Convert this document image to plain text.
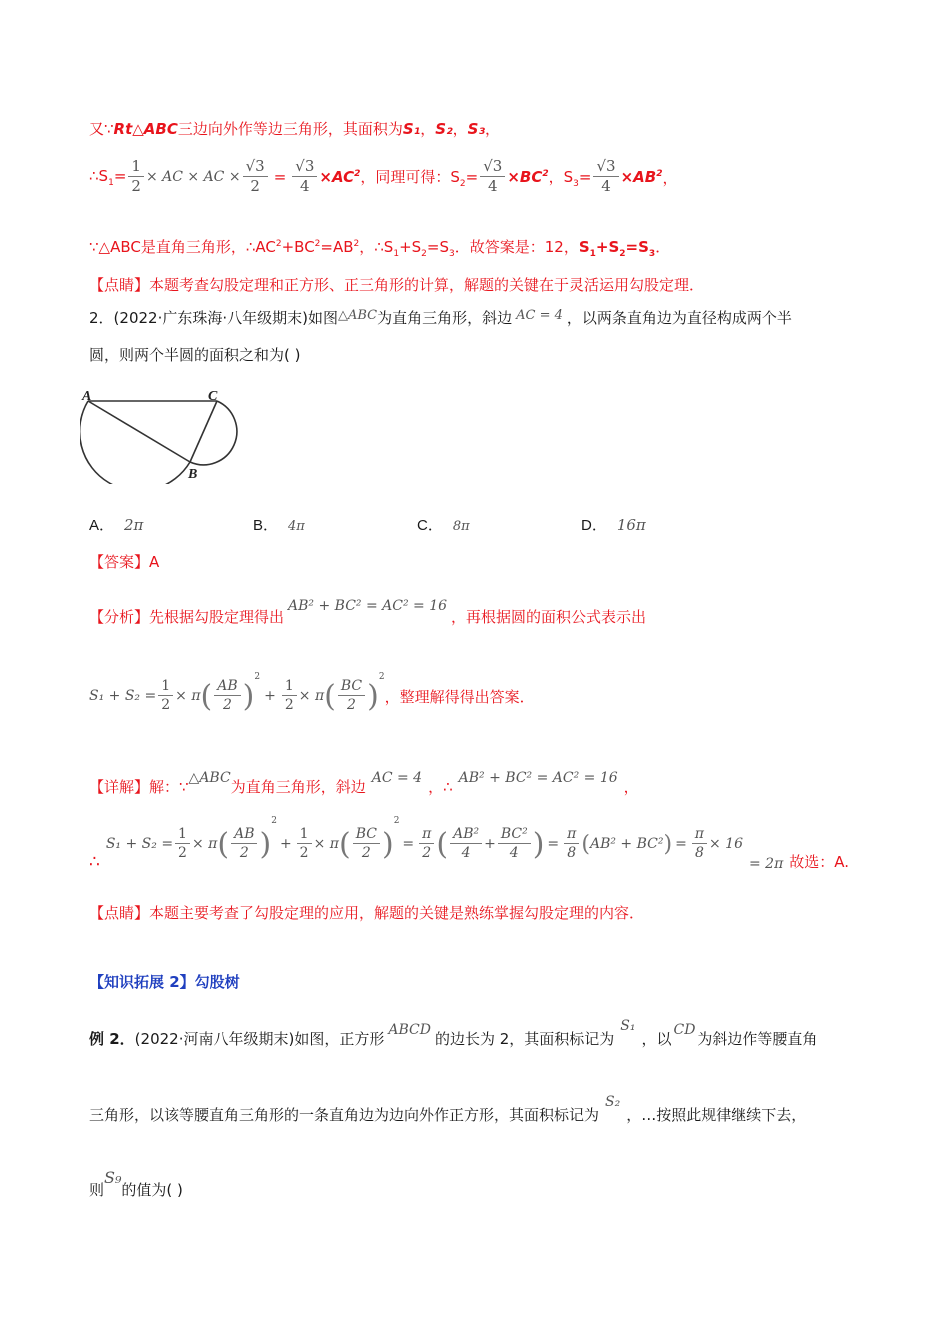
又∵Rt△ABC三边向外作等边三角形，其面积为S₁，S₂，S₃，
$\therefore S_1= \frac{1}{2}$ × AC × AC × $\frac{√3}{2} = \frac{√3}{4} \times AC^2$ ，同理可得：$S_2= \frac{√3}{4} \times BC^2$ ，$S_3= \frac{√3}{4} \times AB^2$ ，
∵△ABC是直角三角形，$\therefore AC^2+BC^2=AB^2$，$\therefore S_1+S_2=S_3$．故答案是：12，$S_1+S_2=S_3$．
【点睛】本题考查勾股定理和正方形、正三角形的计算，解题的关键在于灵活运用勾股定理．
2．(2022·广东珠海·八年级期末)如图△ABC为直角三角形，斜边 AC = 4 ，以两条直角边为直径构成两个半
圆，则两个半圆的面积之和为( )
A	C
B
A． 2π	B． 4π	C． 8π	D． 16π
【答案】A
【分析】先根据勾股定理得出AB² + BC² = AC² = 16，再根据圆的面积公式表示出
$S_1 + S_2 = \frac{1}{2} \times \pi$ ( $\frac{AB}{2}$ )
$^2$
+ $\frac{1}{2} \times \pi$ ( $\frac{BC}{2}$ )
$^2$
，整理解得得出答案．
【详解】解：∵△ABC为直角三角形，斜边 AC = 4 ，∴ AB² + BC² = AC² = 16 ，
∴
$S_1 + S_2 = \frac{1}{2} \times \pi$ ( $\frac{AB}{2}$ )
2
+ $\frac{1}{2} \times \pi$ ( $\frac{BC}{2}$ )
2
= $\frac{\pi}{2}$ ( $\frac{\text{AB²}}{4} + \frac{\text{BC²}}{4}$ ) = $\frac{\pi}{8}$ ( AB² + BC² ) = $\frac{\pi}{8} \times 16$
= 2π 故选：A.
【点睛】本题主要考查了勾股定理的应用，解题的关键是熟练掌握勾股定理的内容．
【知识拓展 2】勾股树
例 2．(2022·河南八年级期末)如图，正方形 ABCD 的边长为 2，其面积标记为S₁，以 CD 为斜边作等腰直角
三角形，以该等腰直角三角形的一条直角边为边向外作正方形，其面积标记为S₂，…按照此规律继续下去，
则S₉的值为( )
